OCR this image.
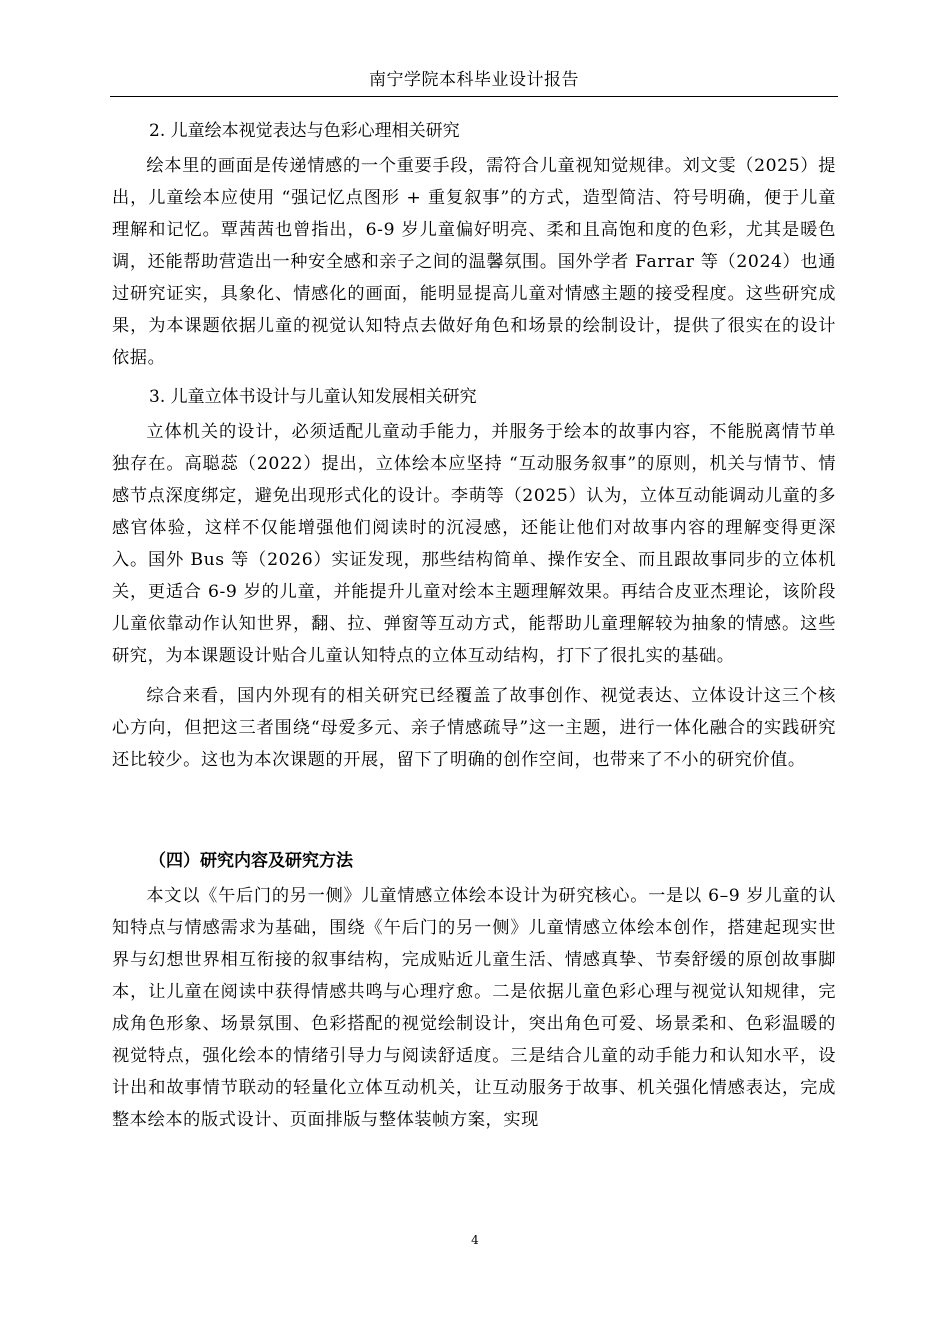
南宁学院本科毕业设计报告
2. 儿童绘本视觉表达与色彩心理相关研究

绘本里的画面是传递情感的一个重要手段，需符合儿童视知觉规律。刘文雯（2025）提出，儿童绘本应使用 “强记忆点图形 + 重复叙事”的方式，造型简洁、符号明确，便于儿童理解和记忆。覃茜茜也曾指出，6-9 岁儿童偏好明亮、柔和且高饱和度的色彩，尤其是暖色调，还能帮助营造出一种安全感和亲子之间的温馨氛围。国外学者 Farrar 等（2024）也通过研究证实，具象化、情感化的画面，能明显提高儿童对情感主题的接受程度。这些研究成果，为本课题依据儿童的视觉认知特点去做好角色和场景的绘制设计，提供了很实在的设计依据。

3. 儿童立体书设计与儿童认知发展相关研究

立体机关的设计，必须适配儿童动手能力，并服务于绘本的故事内容，不能脱离情节单独存在。高聪蕊（2022）提出，立体绘本应坚持 “互动服务叙事”的原则，机关与情节、情感节点深度绑定，避免出现形式化的设计。李萌等（2025）认为，立体互动能调动儿童的多感官体验，这样不仅能增强他们阅读时的沉浸感，还能让他们对故事内容的理解变得更深入。国外 Bus 等（2026）实证发现，那些结构简单、操作安全、而且跟故事同步的立体机关，更适合 6-9 岁的儿童，并能提升儿童对绘本主题理解效果。再结合皮亚杰理论，该阶段儿童依靠动作认知世界，翻、拉、弹窗等互动方式，能帮助儿童理解较为抽象的情感。这些研究，为本课题设计贴合儿童认知特点的立体互动结构，打下了很扎实的基础。

综合来看，国内外现有的相关研究已经覆盖了故事创作、视觉表达、立体设计这三个核心方向，但把这三者围绕“母爱多元、亲子情感疏导”这一主题，进行一体化融合的实践研究还比较少。这也为本次课题的开展，留下了明确的创作空间，也带来了不小的研究价值。

（四）研究内容及研究方法

本文以《午后门的另一侧》儿童情感立体绘本设计为研究核心。一是以 6–9 岁儿童的认知特点与情感需求为基础，围绕《午后门的另一侧》儿童情感立体绘本创作，搭建起现实世界与幻想世界相互衔接的叙事结构，完成贴近儿童生活、情感真挚、节奏舒缓的原创故事脚本，让儿童在阅读中获得情感共鸣与心理疗愈。二是依据儿童色彩心理与视觉认知规律，完成角色形象、场景氛围、色彩搭配的视觉绘制设计，突出角色可爱、场景柔和、色彩温暖的视觉特点，强化绘本的情绪引导力与阅读舒适度。三是结合儿童的动手能力和认知水平，设计出和故事情节联动的轻量化立体互动机关，让互动服务于故事、机关强化情感表达，完成整本绘本的版式设计、页面排版与整体装帧方案，实现

4
